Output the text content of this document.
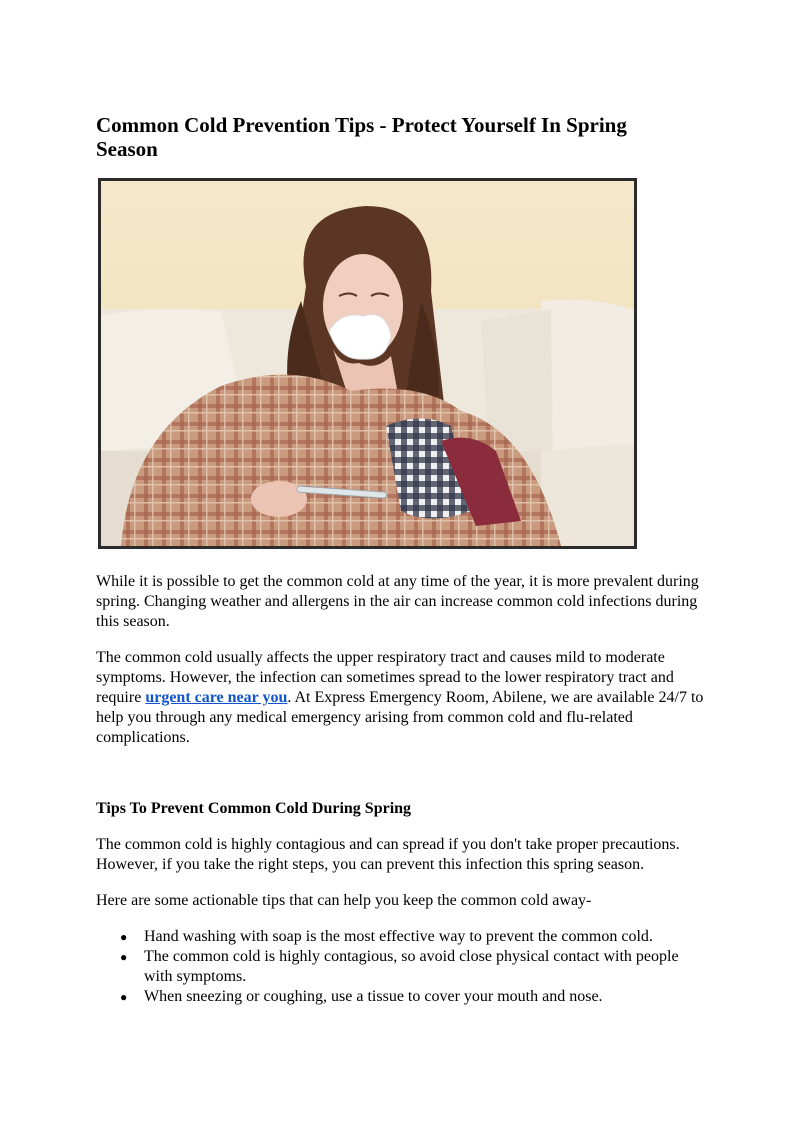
Common Cold Prevention Tips - Protect Yourself In Spring Season

While it is possible to get the common cold at any time of the year, it is more prevalent during spring. Changing weather and allergens in the air can increase common cold infections during this season.

The common cold usually affects the upper respiratory tract and causes mild to moderate symptoms. However, the infection can sometimes spread to the lower respiratory tract and require urgent care near you. At Express Emergency Room, Abilene, we are available 24/7 to help you through any medical emergency arising from common cold and flu-related complications.

Tips To Prevent Common Cold During Spring

The common cold is highly contagious and can spread if you don't take proper precautions. However, if you take the right steps, you can prevent this infection this spring season.

Here are some actionable tips that can help you keep the common cold away-

● Hand washing with soap is the most effective way to prevent the common cold.
● The common cold is highly contagious, so avoid close physical contact with people with symptoms.
● When sneezing or coughing, use a tissue to cover your mouth and nose.
